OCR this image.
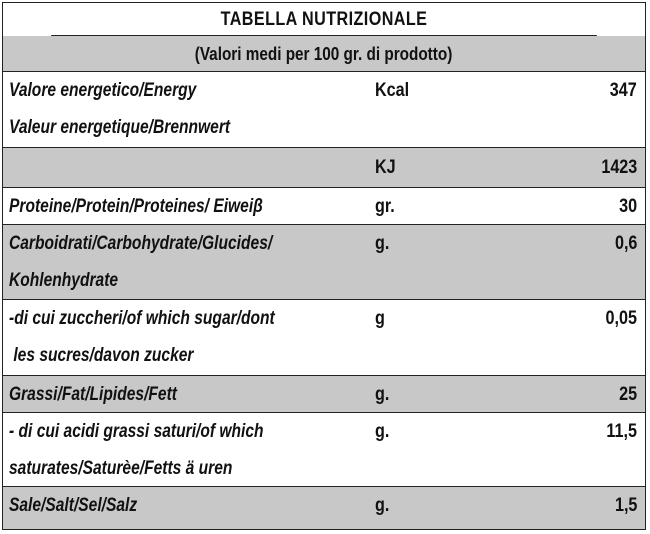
TABELLA NUTRIZIONALE
(Valori medi per 100 gr. di prodotto)
Valore energetico/Energy
Valeur energetique/Brennwert
Kcal	347
KJ	1423
Proteine/Protein/Proteines/ Eiweiβ	gr.	30
Carboidrati/Carbohydrate/Glucides/
Kohlenhydrate
g.	0,6
-di cui zuccheri/of which sugar/dont
les sucres/davon zucker
g	0,05
Grassi/Fat/Lipides/Fett	g.	25
- di cui acidi grassi saturi/of which
saturates/Saturèe/Fetts ä uren
g.	11,5
Sale/Salt/Sel/Salz	g.	1,5
